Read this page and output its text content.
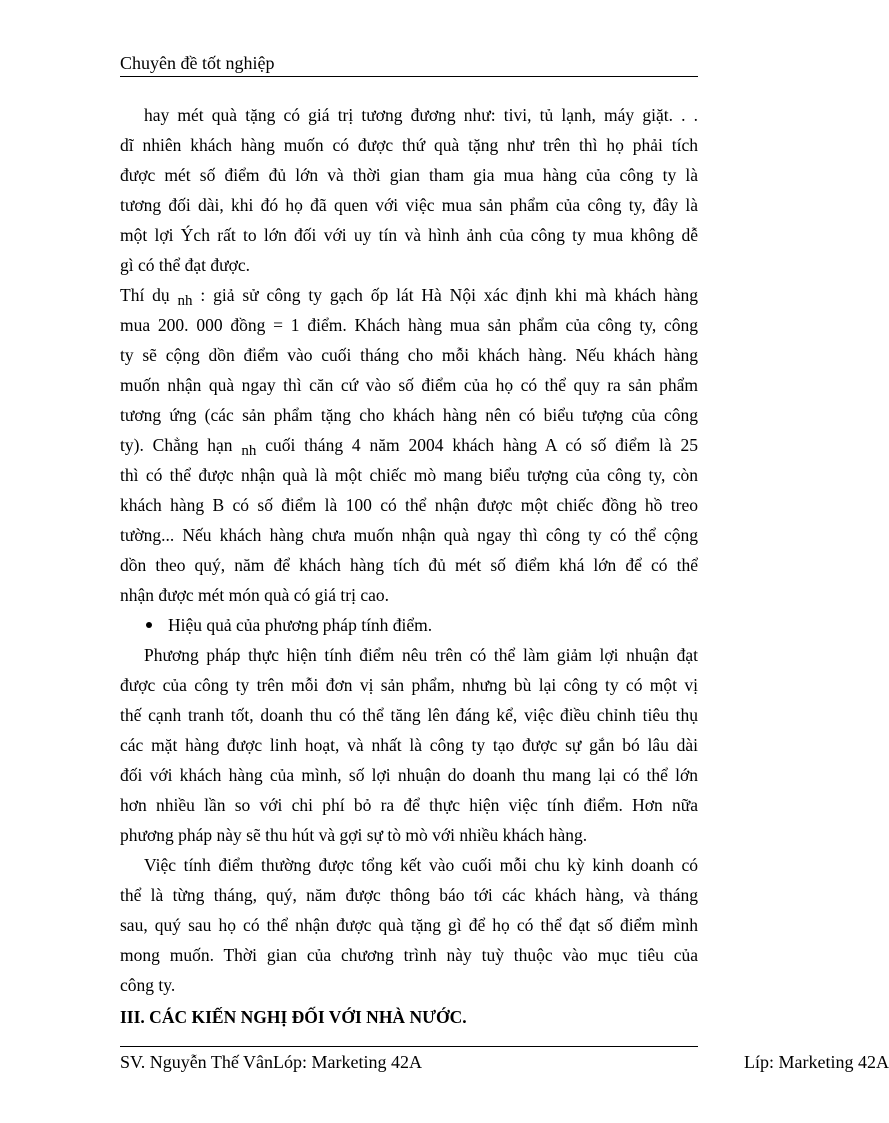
Chuyên đề tốt nghiệp
hay mét quà tặng có giá trị tương đương như: tivi, tủ lạnh, máy giặt. . .
dĩ nhiên khách hàng muốn có được thứ quà tặng như trên thì họ phải tích
được mét số điểm đủ lớn và thời gian tham gia mua hàng của công ty là
tương đối dài, khi đó họ đã quen với việc mua sản phẩm của công ty, đây là
một lợi Ých rất to lớn đối với uy tín và hình ảnh của công ty mua không dễ
gì có thể đạt được.
Thí dụ nh : giả sử công ty gạch ốp lát Hà Nội xác định khi mà khách hàng
mua 200. 000 đồng = 1 điểm. Khách hàng mua sản phẩm của công ty, công
ty sẽ cộng dồn điểm vào cuối tháng cho mỗi khách hàng. Nếu khách hàng
muốn nhận quà ngay thì căn cứ vào số điểm của họ có thể quy ra sản phẩm
tương ứng (các sản phẩm tặng cho khách hàng nên có biểu tượng của công
ty). Chẳng hạn nh cuối tháng 4 năm 2004 khách hàng A có số điểm là 25
thì có thể được nhận quà là một chiếc mò mang biểu tượng của công ty, còn
khách hàng B có số điểm là 100 có thể nhận được một chiếc đồng hồ treo
tường... Nếu khách hàng chưa muốn nhận quà ngay thì công ty có thể cộng
dồn theo quý, năm để khách hàng tích đủ mét số điểm khá lớn để có thể
nhận được mét món quà có giá trị cao.
Hiệu quả của phương pháp tính điểm.
Phương pháp thực hiện tính điểm nêu trên có thể làm giảm lợi nhuận đạt
được của công ty trên mỗi đơn vị sản phẩm, nhưng bù lại công ty có một vị
thế cạnh tranh tốt, doanh thu có thể tăng lên đáng kể, việc điều chỉnh tiêu thụ
các mặt hàng được linh hoạt, và nhất là công ty tạo được sự gắn bó lâu dài
đối với khách hàng của mình, số lợi nhuận do doanh thu mang lại có thể lớn
hơn nhiều lần so với chi phí bỏ ra để thực hiện việc tính điểm. Hơn nữa
phương pháp này sẽ thu hút và gợi sự tò mò với nhiều khách hàng.
Việc tính điểm thường được tổng kết vào cuối mỗi chu kỳ kinh doanh có
thể là từng tháng, quý, năm được thông báo tới các khách hàng, và tháng
sau, quý sau họ có thể nhận được quà tặng gì để họ có thể đạt số điểm mình
mong muốn. Thời gian của chương trình này tuỳ thuộc vào mục tiêu của
công ty.
III. CÁC KIẾN NGHỊ ĐỐI VỚI NHÀ NƯỚC.
SV. Nguyễn Thế VânLóp: Marketing 42A	Líp: Marketing 42A
